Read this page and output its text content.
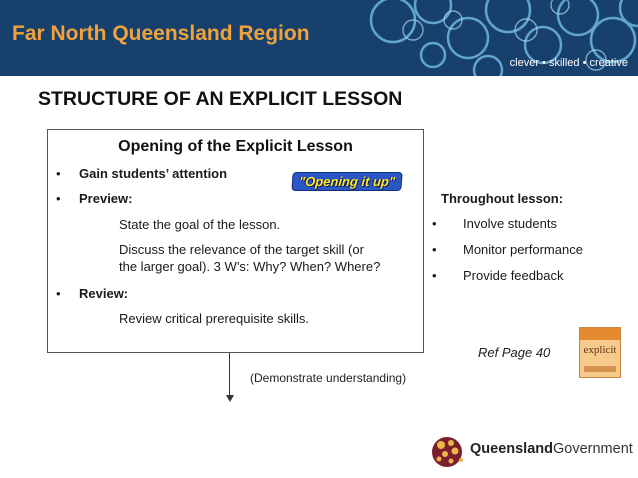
Far North Queensland Region
clever • skilled • creative
STRUCTURE OF AN EXPLICIT LESSON
Opening of the Explicit Lesson
• Gain students’ attention
"Opening it up"
• Preview:
State the goal of the lesson.
Discuss the relevance of the target skill (or
the larger goal). 3 W’s: Why? When? Where?
• Review:
Review critical prerequisite skills.
(Demonstrate understanding)
Throughout lesson:
• Involve students
• Monitor performance
• Provide feedback
Ref Page 40	explicit
QueenslandGovernment
